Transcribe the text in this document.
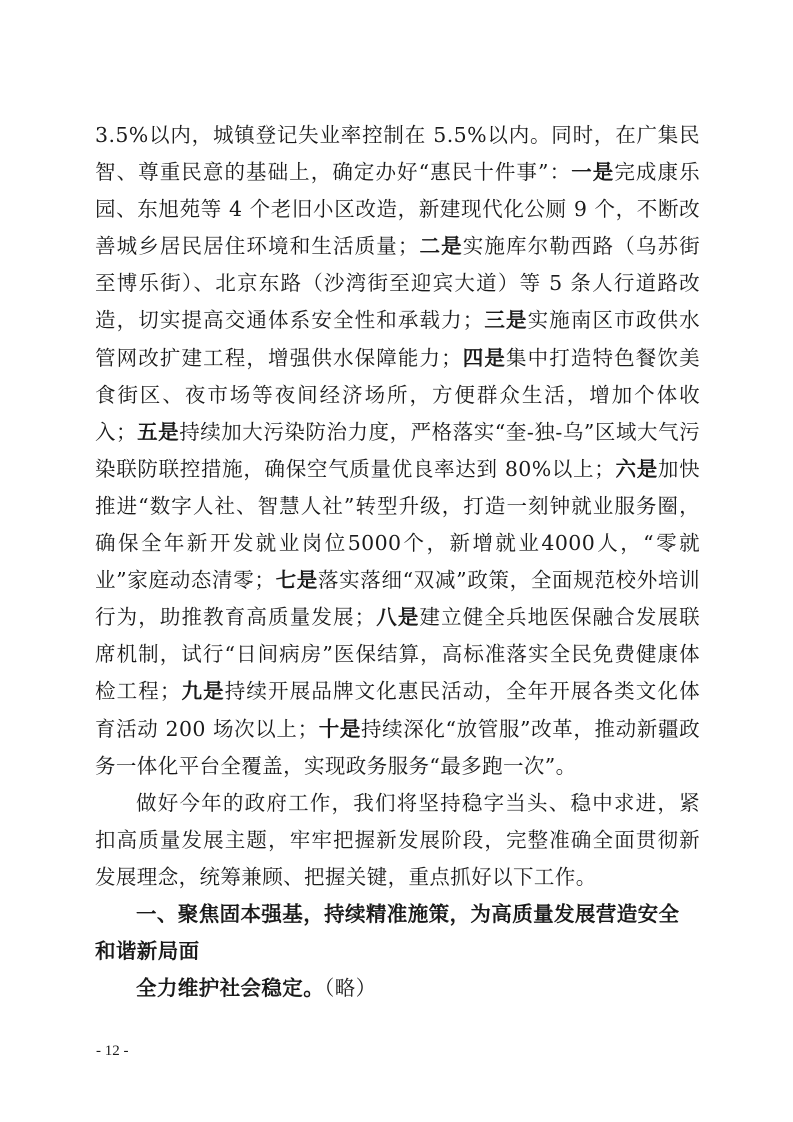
3.5%以内，城镇登记失业率控制在 5.5%以内。同时，在广集民智、尊重民意的基础上，确定办好“惠民十件事”：一是完成康乐园、东旭苑等 4 个老旧小区改造，新建现代化公厕 9 个，不断改善城乡居民居住环境和生活质量；二是实施库尔勒西路（乌苏街至博乐街）、北京东路（沙湾街至迎宾大道）等 5 条人行道路改造，切实提高交通体系安全性和承载力；三是实施南区市政供水管网改扩建工程，增强供水保障能力；四是集中打造特色餐饮美食街区、夜市场等夜间经济场所，方便群众生活，增加个体收入；五是持续加大污染防治力度，严格落实“奎-独-乌”区域大气污染联防联控措施，确保空气质量优良率达到 80%以上；六是加快推进“数字人社、智慧人社”转型升级，打造一刻钟就业服务圈，确保全年新开发就业岗位5000个，新增就业4000人，“零就业”家庭动态清零；七是落实落细“双减”政策，全面规范校外培训行为，助推教育高质量发展；八是建立健全兵地医保融合发展联席机制，试行“日间病房”医保结算，高标准落实全民免费健康体检工程；九是持续开展品牌文化惠民活动，全年开展各类文化体育活动 200 场次以上；十是持续深化“放管服”改革，推动新疆政务一体化平台全覆盖，实现政务服务“最多跑一次”。

做好今年的政府工作，我们将坚持稳字当头、稳中求进，紧扣高质量发展主题，牢牢把握新发展阶段，完整准确全面贯彻新发展理念，统筹兼顾、把握关键，重点抓好以下工作。

一、聚焦固本强基，持续精准施策，为高质量发展营造安全和谐新局面

全力维护社会稳定。（略）

- 12 -
